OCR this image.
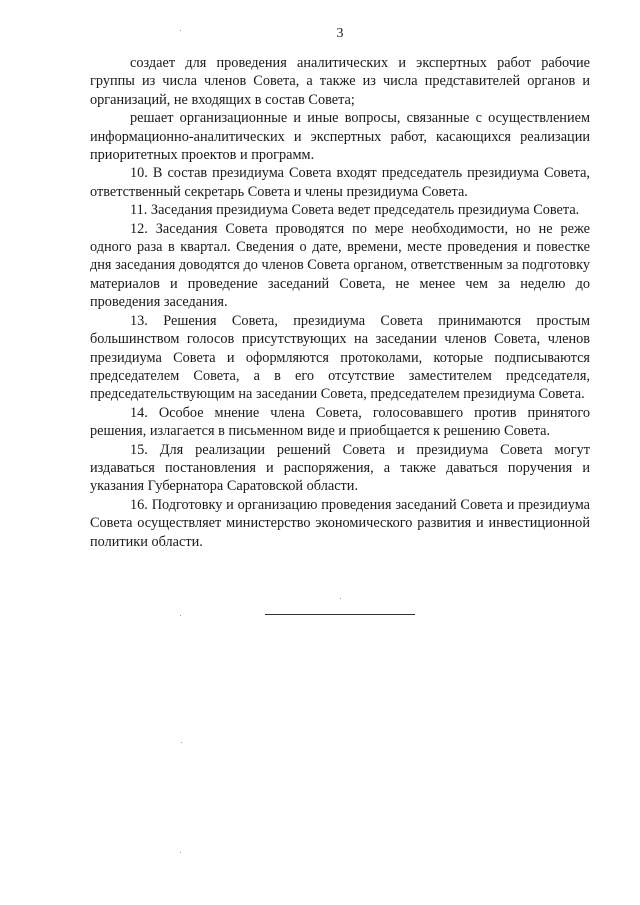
3

создает для проведения аналитических и экспертных работ рабочие группы из числа членов Совета, а также из числа представителей органов и организаций, не входящих в состав Совета;

решает организационные и иные вопросы, связанные с осуществлением информационно-аналитических и экспертных работ, касающихся реализации приоритетных проектов и программ.

10. В состав президиума Совета входят председатель президиума Совета, ответственный секретарь Совета и члены президиума Совета.

11. Заседания президиума Совета ведет председатель президиума Совета.

12. Заседания Совета проводятся по мере необходимости, но не реже одного раза в квартал. Сведения о дате, времени, месте проведения и повестке дня заседания доводятся до членов Совета органом, ответственным за подготовку материалов и проведение заседаний Совета, не менее чем за неделю до проведения заседания.

13. Решения Совета, президиума Совета принимаются простым большинством голосов присутствующих на заседании членов Совета, членов президиума Совета и оформляются протоколами, которые подписываются председателем Совета, а в его отсутствие заместителем председателя, председательствующим на заседании Совета, председателем президиума Совета.

14. Особое мнение члена Совета, голосовавшего против принятого решения, излагается в письменном виде и приобщается к решению Совета.

15. Для реализации решений Совета и президиума Совета могут издаваться постановления и распоряжения, а также даваться поручения и указания Губернатора Саратовской области.

16. Подготовку и организацию проведения заседаний Совета и президиума Совета осуществляет министерство экономического развития и инвестиционной политики области.
